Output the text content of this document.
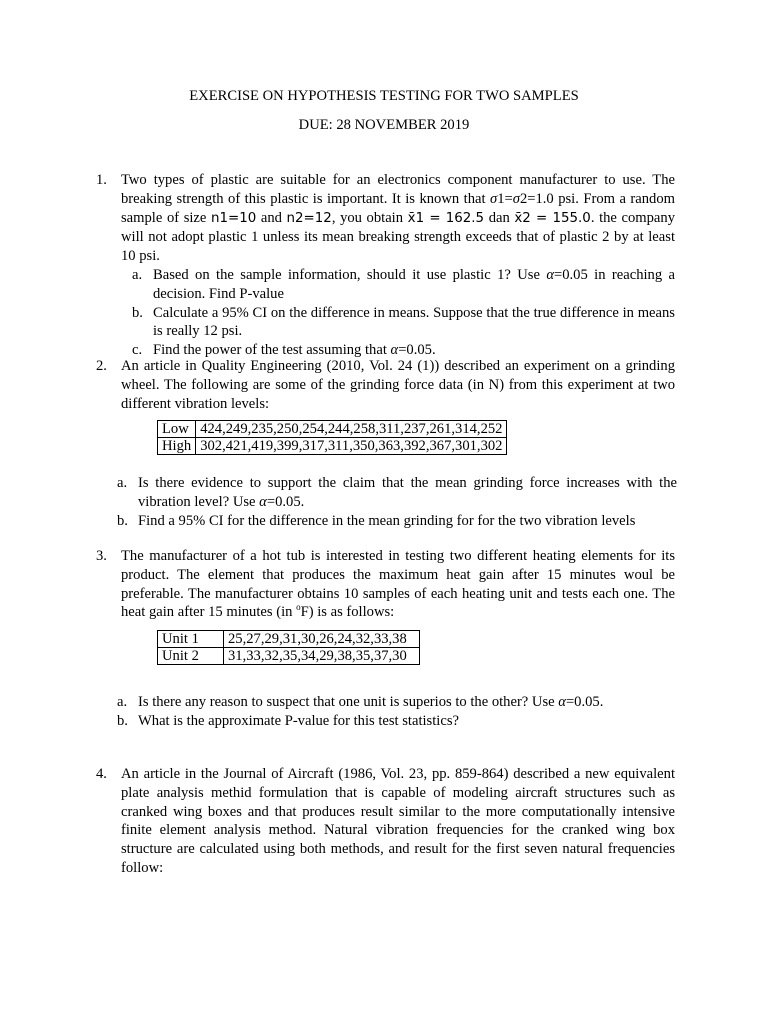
EXERCISE ON HYPOTHESIS TESTING FOR TWO SAMPLES
DUE: 28 NOVEMBER 2019
1. Two types of plastic are suitable for an electronics component manufacturer to use. The breaking strength of this plastic is important. It is known that σ1=σ2=1.0 psi. From a random sample of size n1=10 and n2=12, you obtain x̄1 = 162.5 dan x̄2 = 155.0. the company will not adopt plastic 1 unless its mean breaking strength exceeds that of plastic 2 by at least 10 psi.
a. Based on the sample information, should it use plastic 1? Use α=0.05 in reaching a decision. Find P-value
b. Calculate a 95% CI on the difference in means. Suppose that the true difference in means is really 12 psi.
c. Find the power of the test assuming that α=0.05.
2. An article in Quality Engineering (2010, Vol. 24 (1)) described an experiment on a grinding wheel. The following are some of the grinding force data (in N) from this experiment at two different vibration levels:
Low	424,249,235,250,254,244,258,311,237,261,314,252
High	302,421,419,399,317,311,350,363,392,367,301,302
a. Is there evidence to support the claim that the mean grinding force increases with the vibration level? Use α=0.05.
b. Find a 95% CI for the difference in the mean grinding for for the two vibration levels
3. The manufacturer of a hot tub is interested in testing two different heating elements for its product. The element that produces the maximum heat gain after 15 minutes woul be preferable. The manufacturer obtains 10 samples of each heating unit and tests each one. The heat gain after 15 minutes (in $^o$F) is as follows:
Unit 1	25,27,29,31,30,26,24,32,33,38
Unit 2	31,33,32,35,34,29,38,35,37,30
a. Is there any reason to suspect that one unit is superios to the other? Use α=0.05.
b. What is the approximate P-value for this test statistics?
4. An article in the Journal of Aircraft (1986, Vol. 23, pp. 859-864) described a new equivalent plate analysis methid formulation that is capable of modeling aircraft structures such as cranked wing boxes and that produces result similar to the more computationally intensive finite element analysis method. Natural vibration frequencies for the cranked wing box structure are calculated using both methods, and result for the first seven natural frequencies follow:
